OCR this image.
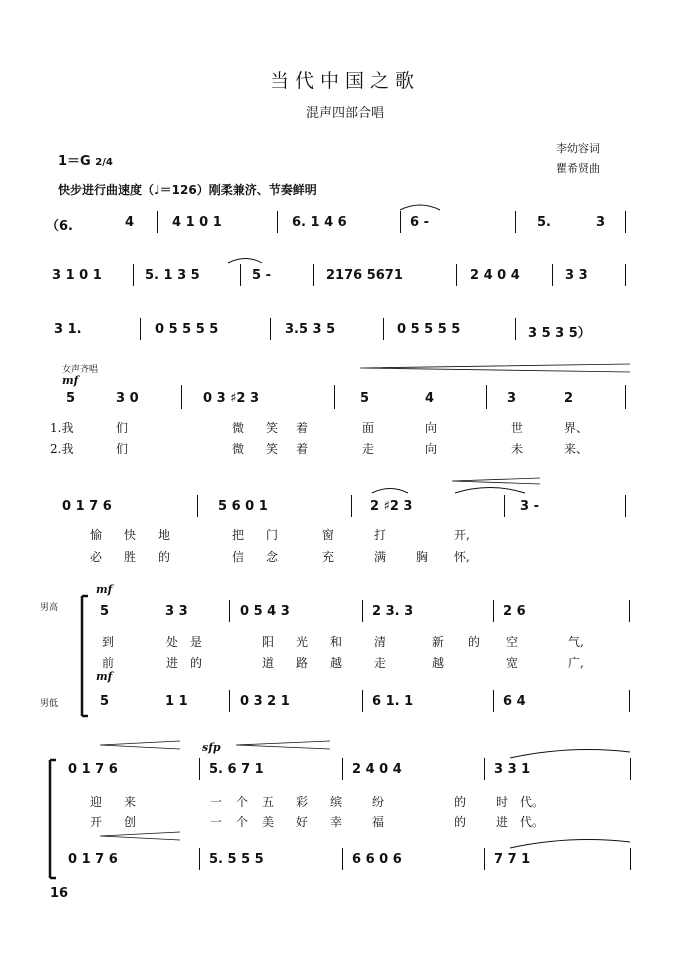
当代中国之歌
混声四部合唱
李幼容词
瞿希贤曲
1＝G 2/4
快步进行曲速度（♩＝126）刚柔兼济、节奏鲜明
（6.	4	4 1 0 1	6. 1 4 6	6 -	5.	3
3 1 0 1	5. 1 3 5	5 -	2176 5671	2 4 0 4	3 3
3 1.	0 5 5 5 5	3.5 3 5	0 5 5 5 5	3 5 3 5）
女声齐唱
mf
5	3 0	0 3 ♯2 3	5	4	3	2
1.我	们	微 笑 着	面	向	世	界、
2.我	们	微 笑 着	走	向	未	来、
0 1 7 6	5 6 0 1	2 ♯2 3	3 -
愉 快 地	把 门	窗	打	开,
必 胜 的	信 念	充	满 胸 怀,
mf
男高	5	3 3	0 5 4 3	2 3. 3	2 6
到	处 是	阳 光 和	清	新 的 空	气,
前	进 的	道 路 越	走	越	宽	广,
mf
男低	5	1 1	0 3 2 1	6 1. 1	6 4
sfp
0 1 7 6	5. 6 7 1	2 4 0 4	3 3 1
迎 来	一 个 五 彩 缤 纷	的 时 代。
开 创	一 个 美 好 幸 福	的 进 代。
0 1 7 6	5. 5 5 5	6 6 0 6	7 7 1
16
